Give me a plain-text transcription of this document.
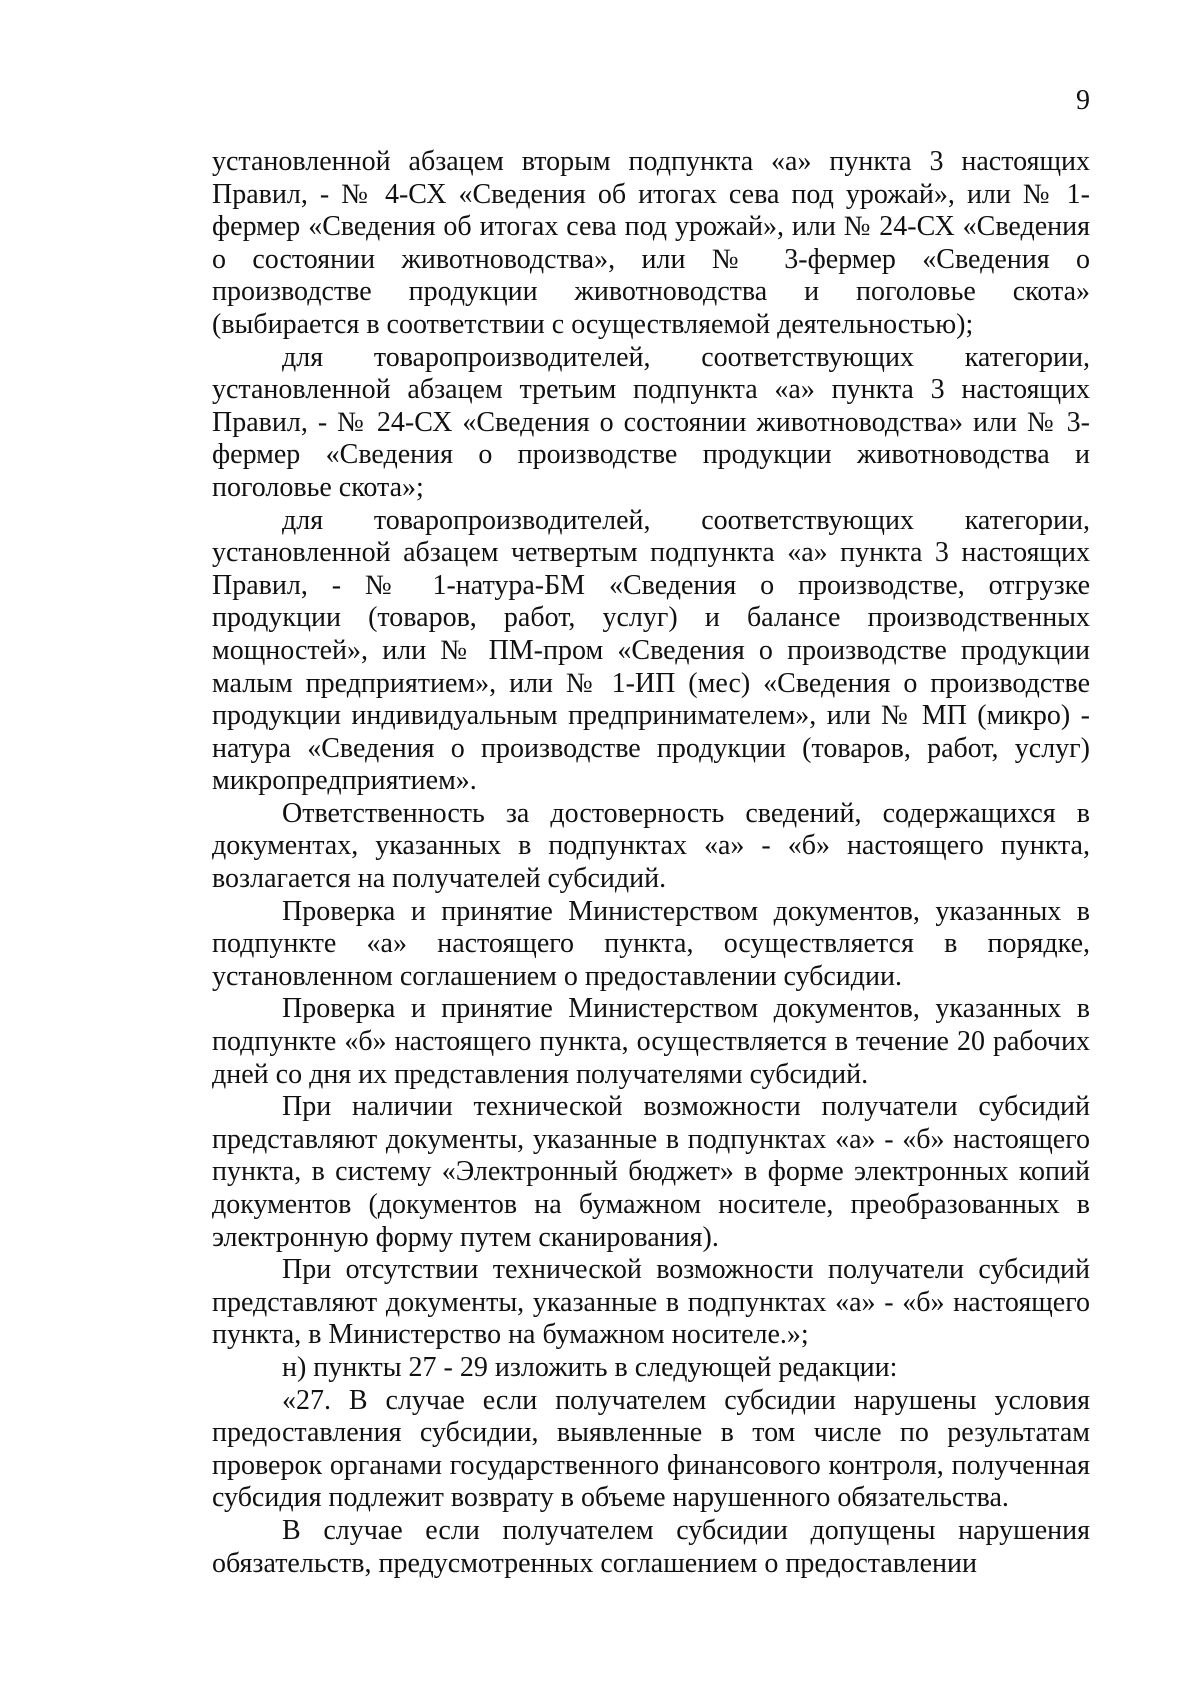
9

установленной абзацем вторым подпункта «а» пункта 3 настоящих Правил, - № 4-СХ «Сведения об итогах сева под урожай», или № 1-фермер «Сведения об итогах сева под урожай», или № 24-СХ «Сведения о состоянии животноводства», или № 3-фермер «Сведения о производстве продукции животноводства и поголовье скота» (выбирается в соответствии с осуществляемой деятельностью);

для товаропроизводителей, соответствующих категории, установленной абзацем третьим подпункта «а» пункта 3 настоящих Правил, - № 24-СХ «Сведения о состоянии животноводства» или № 3-фермер «Сведения о производстве продукции животноводства и поголовье скота»;

для товаропроизводителей, соответствующих категории, установленной абзацем четвертым подпункта «а» пункта 3 настоящих Правил, - № 1-натура-БМ «Сведения о производстве, отгрузке продукции (товаров, работ, услуг) и балансе производственных мощностей», или № ПМ-пром «Сведения о производстве продукции малым предприятием», или № 1-ИП (мес) «Сведения о производстве продукции индивидуальным предпринимателем», или № МП (микро) - натура «Сведения о производстве продукции (товаров, работ, услуг) микропредприятием».

Ответственность за достоверность сведений, содержащихся в документах, указанных в подпунктах «а» - «б» настоящего пункта, возлагается на получателей субсидий.

Проверка и принятие Министерством документов, указанных в подпункте «а» настоящего пункта, осуществляется в порядке, установленном соглашением о предоставлении субсидии.

Проверка и принятие Министерством документов, указанных в подпункте «б» настоящего пункта, осуществляется в течение 20 рабочих дней со дня их представления получателями субсидий.

При наличии технической возможности получатели субсидий представляют документы, указанные в подпунктах «а» - «б» настоящего пункта, в систему «Электронный бюджет» в форме электронных копий документов (документов на бумажном носителе, преобразованных в электронную форму путем сканирования).

При отсутствии технической возможности получатели субсидий представляют документы, указанные в подпунктах «а» - «б» настоящего пункта, в Министерство на бумажном носителе.»;

н) пункты 27 - 29 изложить в следующей редакции:

«27. В случае если получателем субсидии нарушены условия предоставления субсидии, выявленные в том числе по результатам проверок органами государственного финансового контроля, полученная субсидия подлежит возврату в объеме нарушенного обязательства.

В случае если получателем субсидии допущены нарушения обязательств, предусмотренных соглашением о предоставлении
